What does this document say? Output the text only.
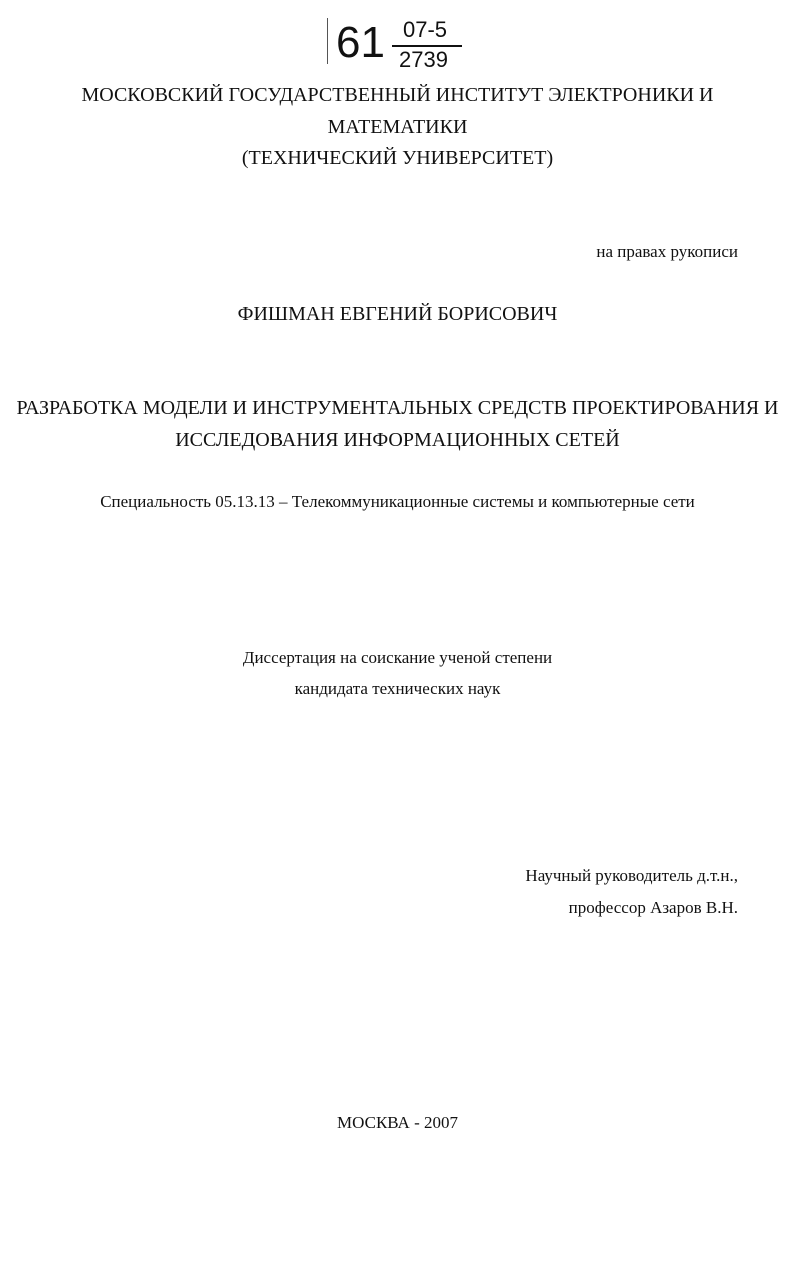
61 07-5
2739
МОСКОВСКИЙ ГОСУДАРСТВЕННЫЙ ИНСТИТУТ ЭЛЕКТРОНИКИ И
МАТЕМАТИКИ
(ТЕХНИЧЕСКИЙ УНИВЕРСИТЕТ)
на правах рукописи
ФИШМАН ЕВГЕНИЙ БОРИСОВИЧ
РАЗРАБОТКА МОДЕЛИ И ИНСТРУМЕНТАЛЬНЫХ СРЕДСТВ ПРОЕКТИРОВАНИЯ И
ИССЛЕДОВАНИЯ ИНФОРМАЦИОННЫХ СЕТЕЙ
Специальность 05.13.13 – Телекоммуникационные системы и компьютерные сети
Диссертация на соискание ученой степени
кандидата технических наук
Научный руководитель д.т.н.,
профессор Азаров В.Н.
МОСКВА - 2007
